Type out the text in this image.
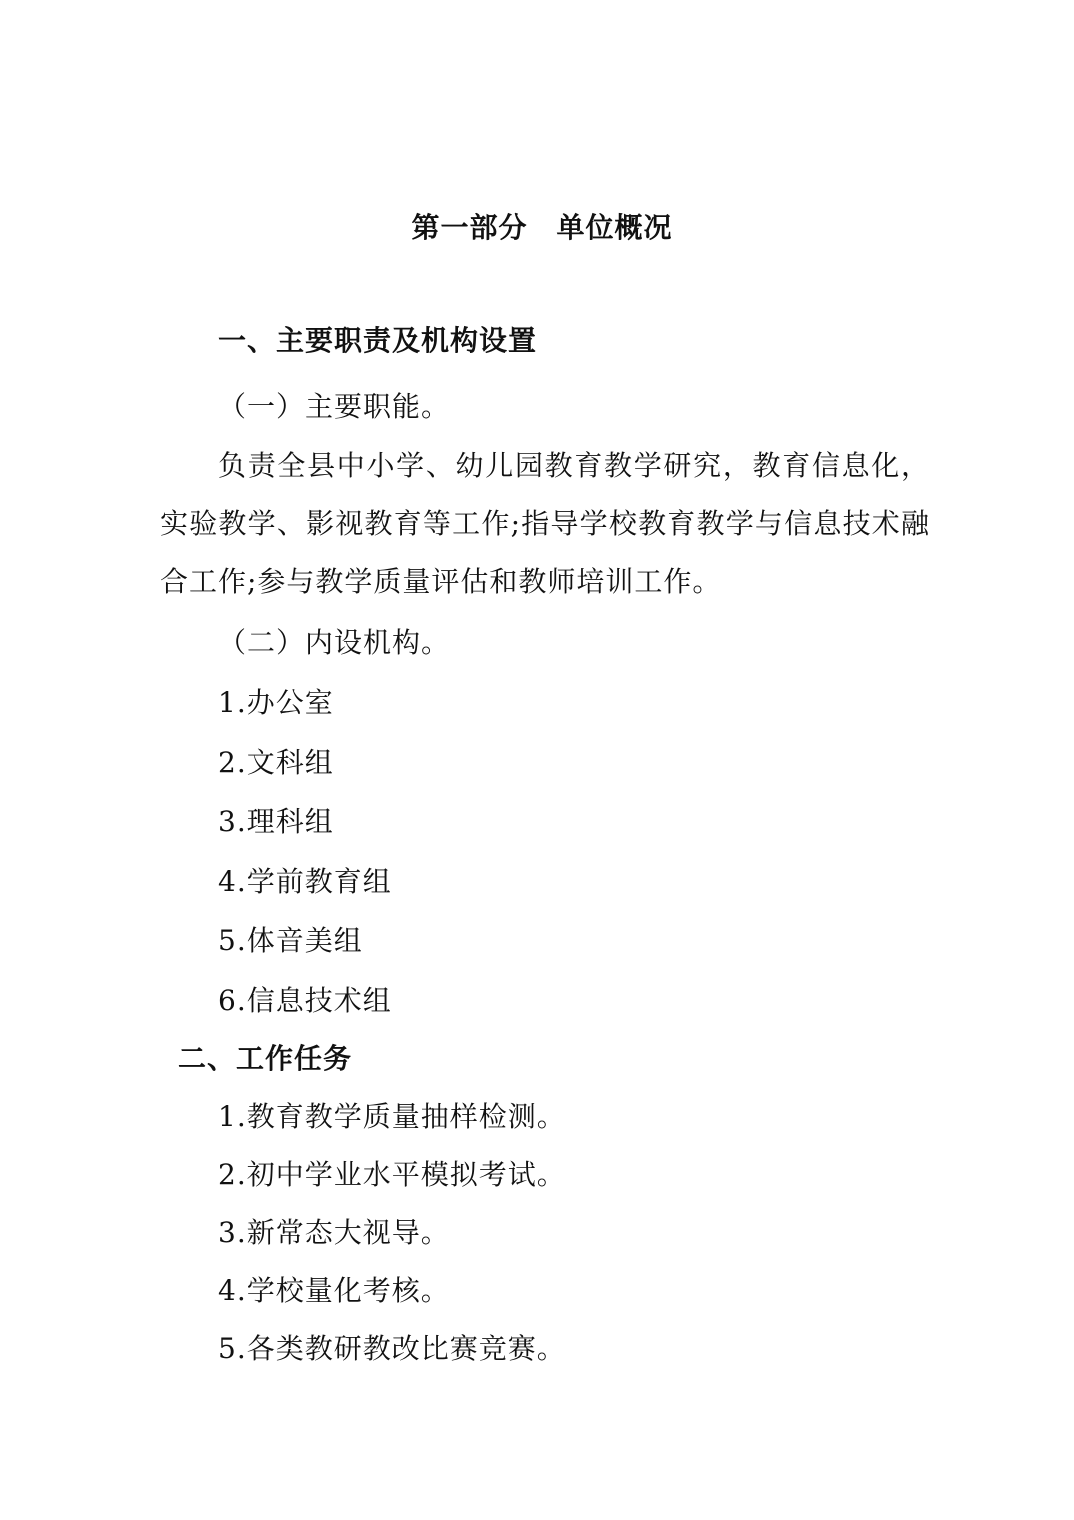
第一部分　单位概况
一、主要职责及机构设置
（一）主要职能。
负责全县中小学、幼儿园教育教学研究，教育信息化，实验教学、影视教育等工作;指导学校教育教学与信息技术融合工作;参与教学质量评估和教师培训工作。
（二）内设机构。
1.办公室
2.文科组
3.理科组
4.学前教育组
5.体音美组
6.信息技术组
二、工作任务
1.教育教学质量抽样检测。
2.初中学业水平模拟考试。
3.新常态大视导。
4.学校量化考核。
5.各类教研教改比赛竞赛。
